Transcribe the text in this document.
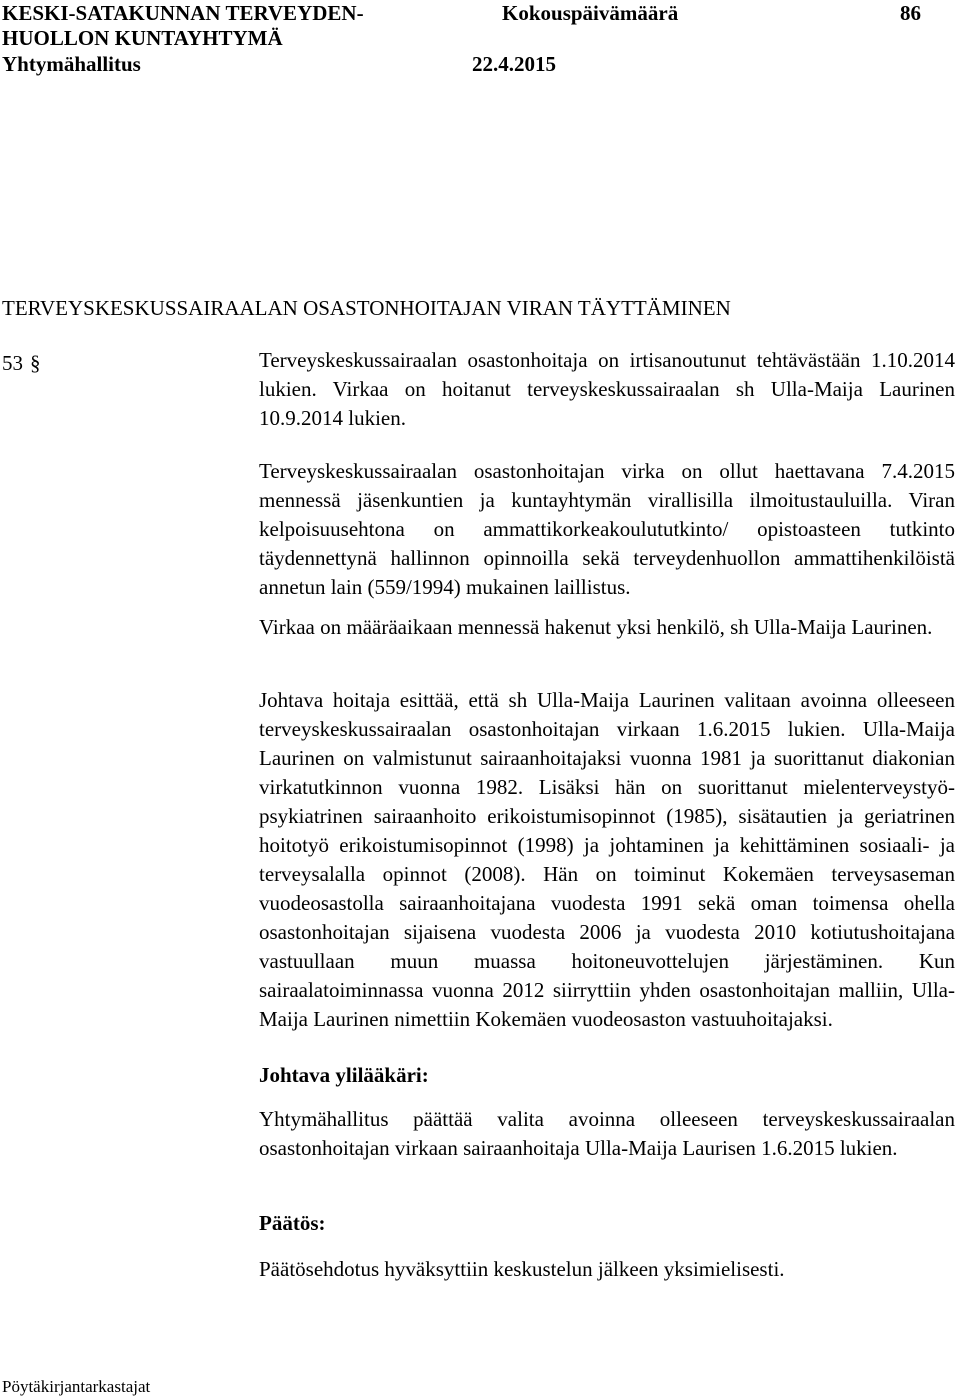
KESKI-SATAKUNNAN TERVEYDEN-
HUOLLON KUNTAYHTYMÄ
Yhtymähallitus
Kokouspäivämäärä	86
22.4.2015
TERVEYSKESKUSSAIRAALAN OSASTONHOITAJAN VIRAN TÄYTTÄMINEN
53 §	Terveyskeskussairaalan osastonhoitaja on irtisanoutunut tehtävästään 1.10.2014 lukien. Virkaa on hoitanut terveyskeskussairaalan sh Ulla-Maija Laurinen 10.9.2014 lukien.

Terveyskeskussairaalan osastonhoitajan virka on ollut haettavana 7.4.2015 mennessä jäsenkuntien ja kuntayhtymän virallisilla ilmoitustauluilla. Viran kelpoisuusehtona on ammattikorkeakoulututkinto/ opistoasteen tutkinto täydennettynä hallinnon opinnoilla sekä terveydenhuollon ammattihenkilöistä annetun lain (559/1994) mukainen laillistus.

Virkaa on määräaikaan mennessä hakenut yksi henkilö, sh Ulla-Maija Laurinen.

Johtava hoitaja esittää, että sh Ulla-Maija Laurinen valitaan avoinna olleeseen terveyskeskussairaalan osastonhoitajan virkaan 1.6.2015 lukien. Ulla-Maija Laurinen on valmistunut sairaanhoitajaksi vuonna 1981 ja suorittanut diakonian virkatutkinnon vuonna 1982. Lisäksi hän on suorittanut mielenterveystyö-psykiatrinen sairaanhoito erikoistumisopinnot (1985), sisätautien ja geriatrinen hoitotyö erikoistumisopinnot (1998) ja johtaminen ja kehittäminen sosiaali- ja terveysalalla opinnot (2008). Hän on toiminut Kokemäen terveysaseman vuodeosastolla sairaanhoitajana vuodesta 1991 sekä oman toimensa ohella osastonhoitajan sijaisena vuodesta 2006 ja vuodesta 2010 kotiutushoitajana vastuullaan muun muassa hoitoneuvottelujen järjestäminen. Kun sairaalatoiminnassa vuonna 2012 siirryttiin yhden osastonhoitajan malliin, Ulla-Maija Laurinen nimettiin Kokemäen vuodeosaston vastuuhoitajaksi.

Johtava ylilääkäri:

Yhtymähallitus päättää valita avoinna olleeseen terveyskeskussairaalan osastonhoitajan virkaan sairaanhoitaja Ulla-Maija Laurisen 1.6.2015 lukien.

Päätös:
Päätösehdotus hyväksyttiin keskustelun jälkeen yksimielisesti.
Pöytäkirjantarkastajat
